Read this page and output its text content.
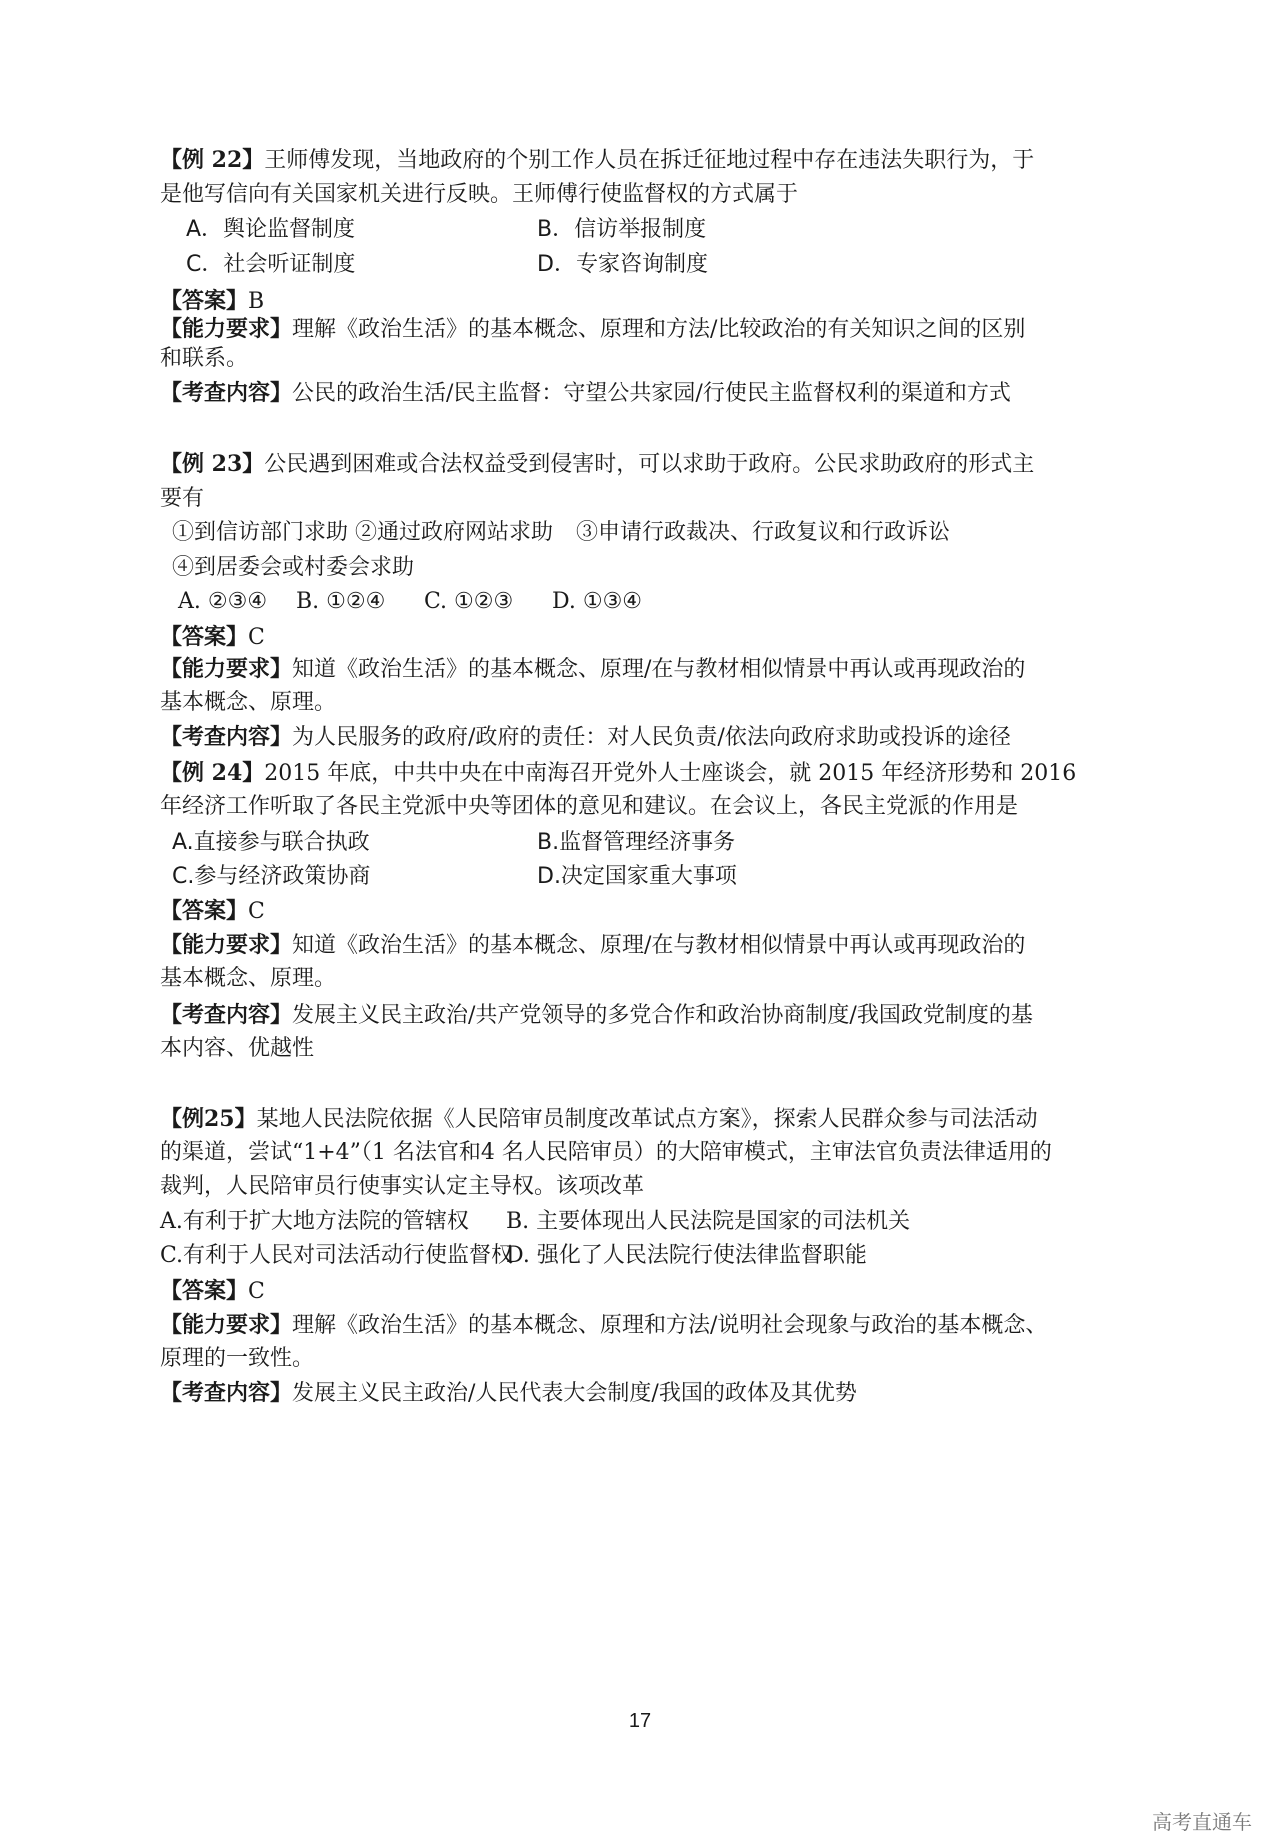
【例 22】王师傅发现，当地政府的个别工作人员在拆迁征地过程中存在违法失职行为，于
是他写信向有关国家机关进行反映。王师傅行使监督权的方式属于
A．舆论监督制度	B．信访举报制度
C．社会听证制度	D．专家咨询制度
【答案】B
【能力要求】理解《政治生活》的基本概念、原理和方法/比较政治的有关知识之间的区别
和联系。
【考查内容】公民的政治生活/民主监督：守望公共家园/行使民主监督权利的渠道和方式
【例 23】公民遇到困难或合法权益受到侵害时，可以求助于政府。公民求助政府的形式主
要有
①到信访部门求助 ②通过政府网站求助 ③申请行政裁决、行政复议和行政诉讼
④到居委会或村委会求助
A. ②③④ B. ①②④ C. ①②③ D. ①③④
【答案】C
【能力要求】知道《政治生活》的基本概念、原理/在与教材相似情景中再认或再现政治的
基本概念、原理。
【考查内容】为人民服务的政府/政府的责任：对人民负责/依法向政府求助或投诉的途径
【例 24】2015 年底，中共中央在中南海召开党外人士座谈会，就 2015 年经济形势和 2016
年经济工作听取了各民主党派中央等团体的意见和建议。在会议上，各民主党派的作用是
A.直接参与联合执政	B.监督管理经济事务
C.参与经济政策协商	D.决定国家重大事项
【答案】C
【能力要求】知道《政治生活》的基本概念、原理/在与教材相似情景中再认或再现政治的
基本概念、原理。
【考查内容】发展主义民主政治/共产党领导的多党合作和政治协商制度/我国政党制度的基
本内容、优越性
【例25】某地人民法院依据《人民陪审员制度改革试点方案》，探索人民群众参与司法活动
的渠道，尝试“1+4”（1 名法官和4 名人民陪审员）的大陪审模式，主审法官负责法律适用的
裁判，人民陪审员行使事实认定主导权。该项改革
A.有利于扩大地方法院的管辖权 B. 主要体现出人民法院是国家的司法机关
C.有利于人民对司法活动行使监督权
D. 强化了人民法院行使法律监督职能
【答案】C
【能力要求】理解《政治生活》的基本概念、原理和方法/说明社会现象与政治的基本概念、
原理的一致性。
【考查内容】发展主义民主政治/人民代表大会制度/我国的政体及其优势
17
高考直通车
